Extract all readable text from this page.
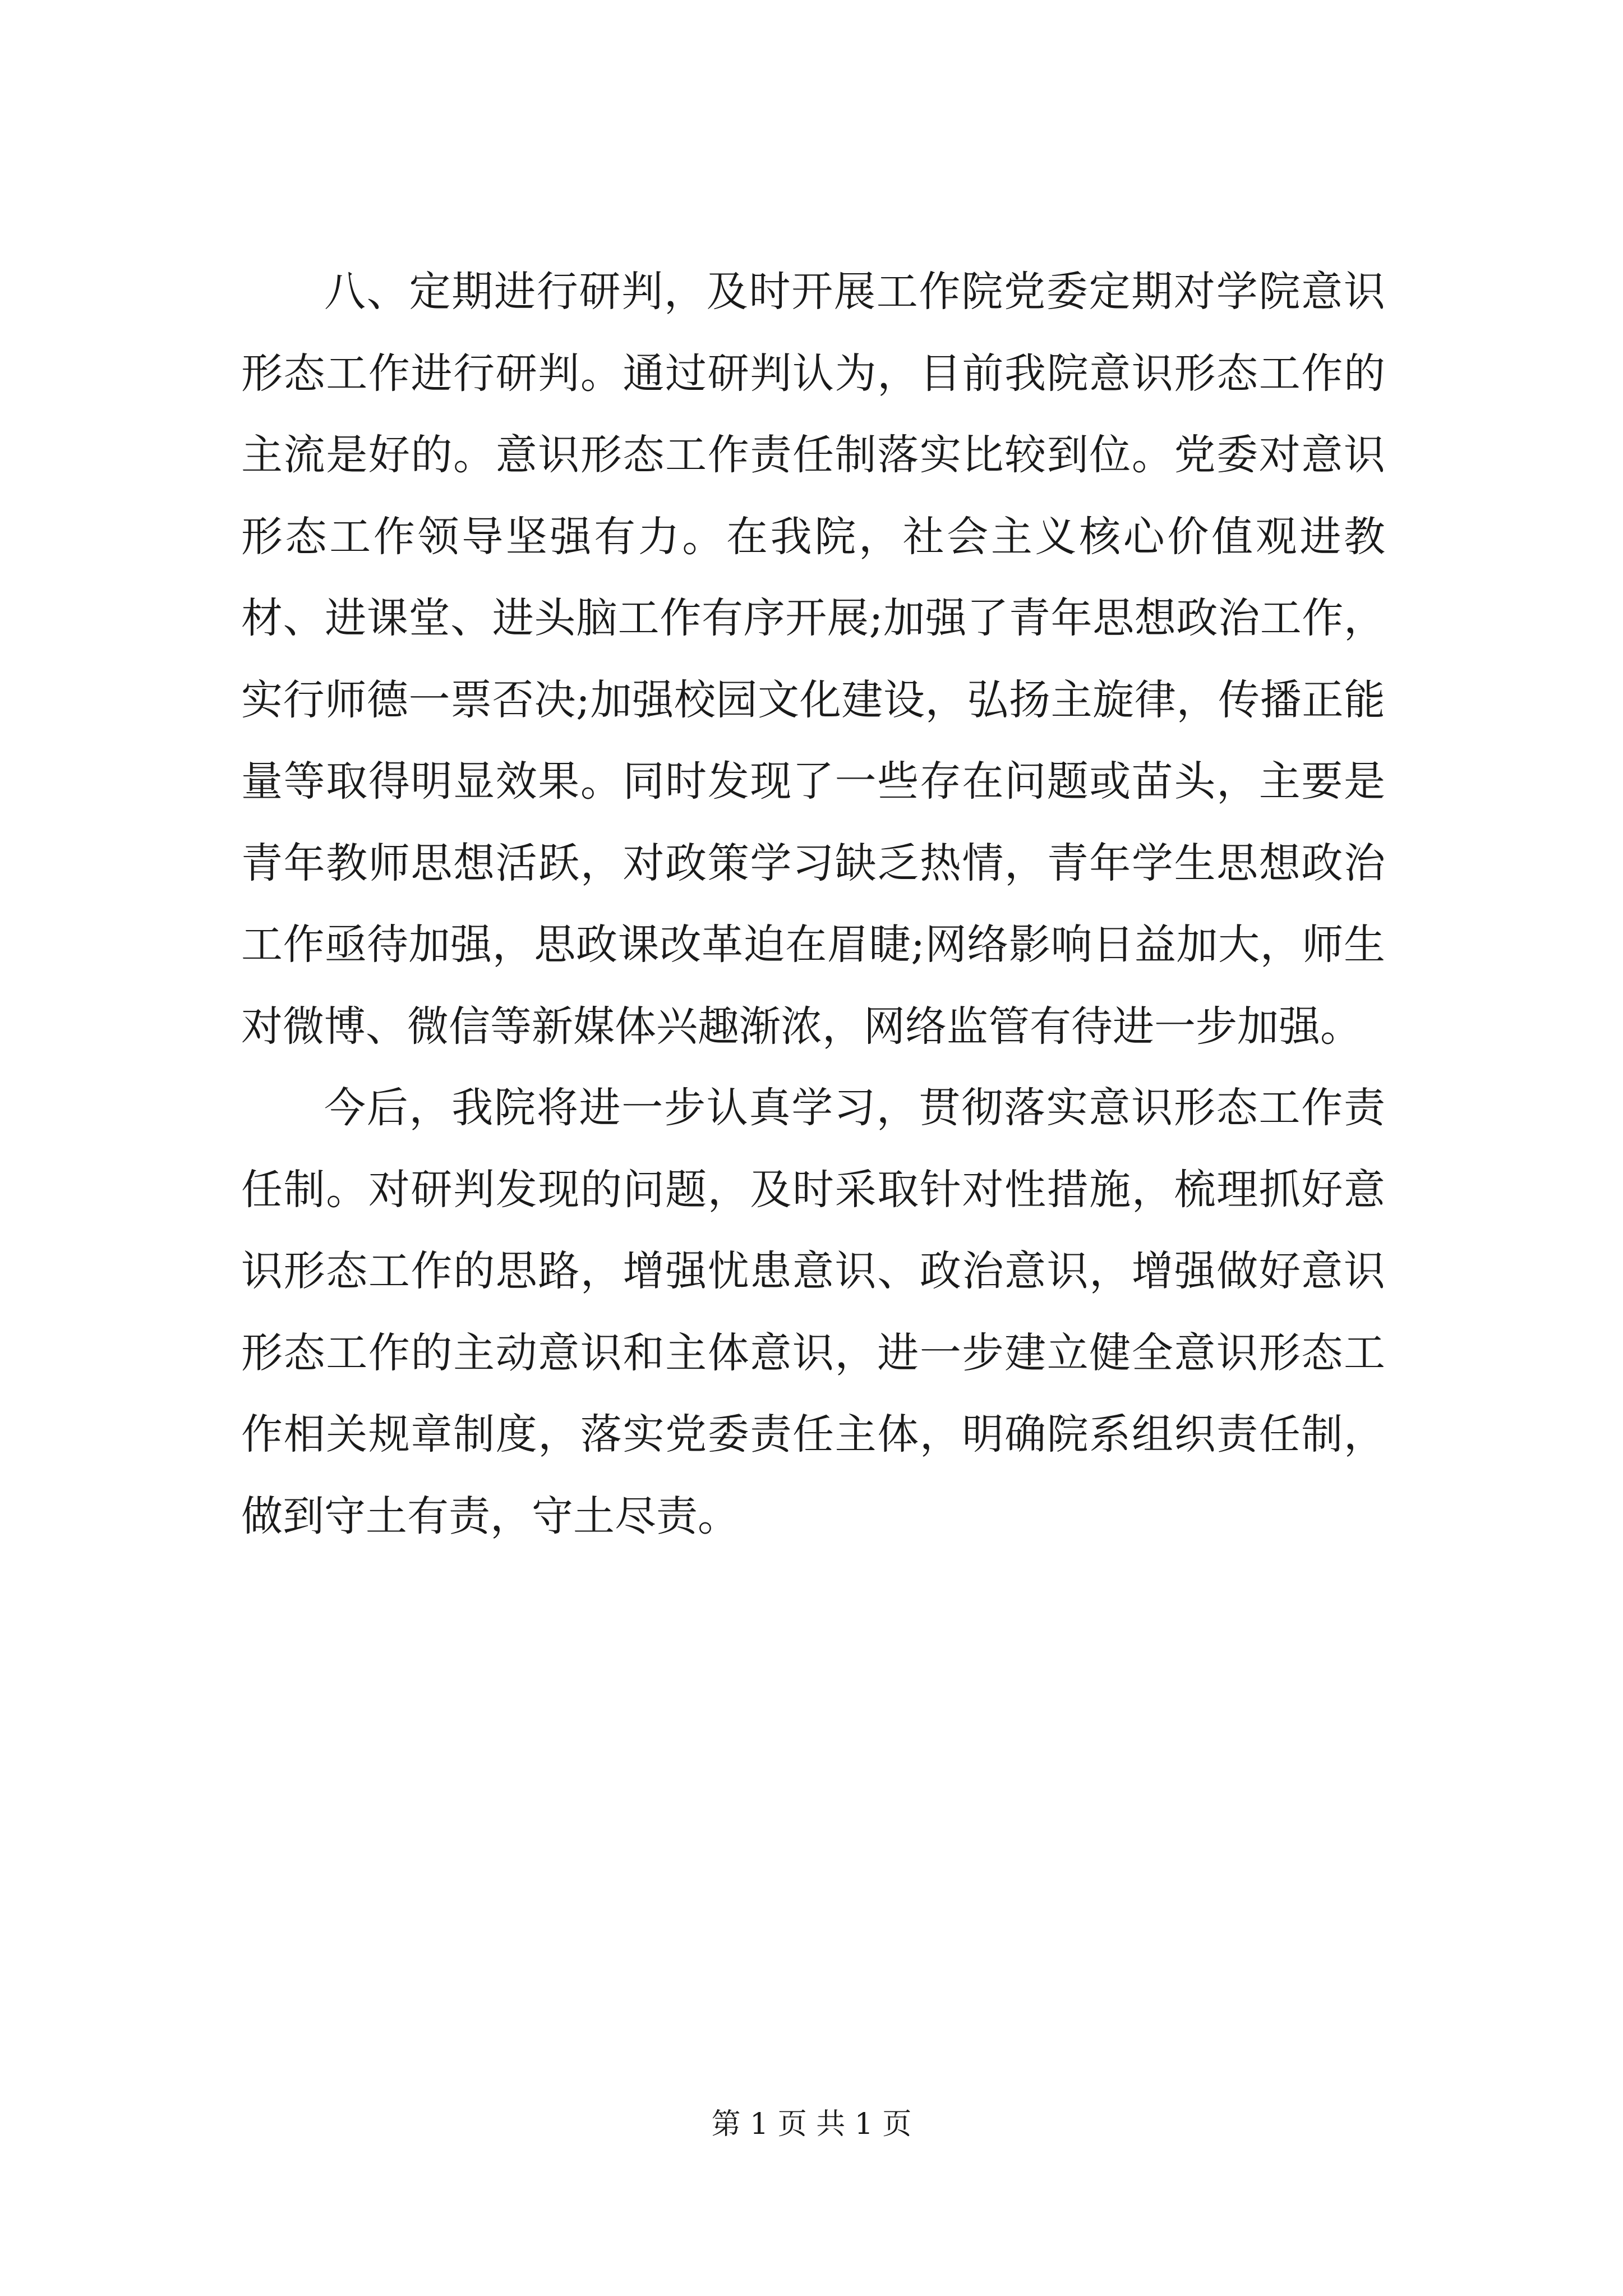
八、定期进行研判，及时开展工作院党委定期对学院意识形态工作进行研判。通过研判认为，目前我院意识形态工作的主流是好的。意识形态工作责任制落实比较到位。党委对意识形态工作领导坚强有力。在我院，社会主义核心价值观进教材、进课堂、进头脑工作有序开展;加强了青年思想政治工作，实行师德一票否决;加强校园文化建设，弘扬主旋律，传播正能量等取得明显效果。同时发现了一些存在问题或苗头，主要是青年教师思想活跃，对政策学习缺乏热情，青年学生思想政治工作亟待加强，思政课改革迫在眉睫;网络影响日益加大，师生对微博、微信等新媒体兴趣渐浓，网络监管有待进一步加强。

今后，我院将进一步认真学习，贯彻落实意识形态工作责任制。对研判发现的问题，及时采取针对性措施，梳理抓好意识形态工作的思路，增强忧患意识、政治意识，增强做好意识形态工作的主动意识和主体意识，进一步建立健全意识形态工作相关规章制度，落实党委责任主体，明确院系组织责任制，做到守土有责，守土尽责。

第 1 页 共 1 页
